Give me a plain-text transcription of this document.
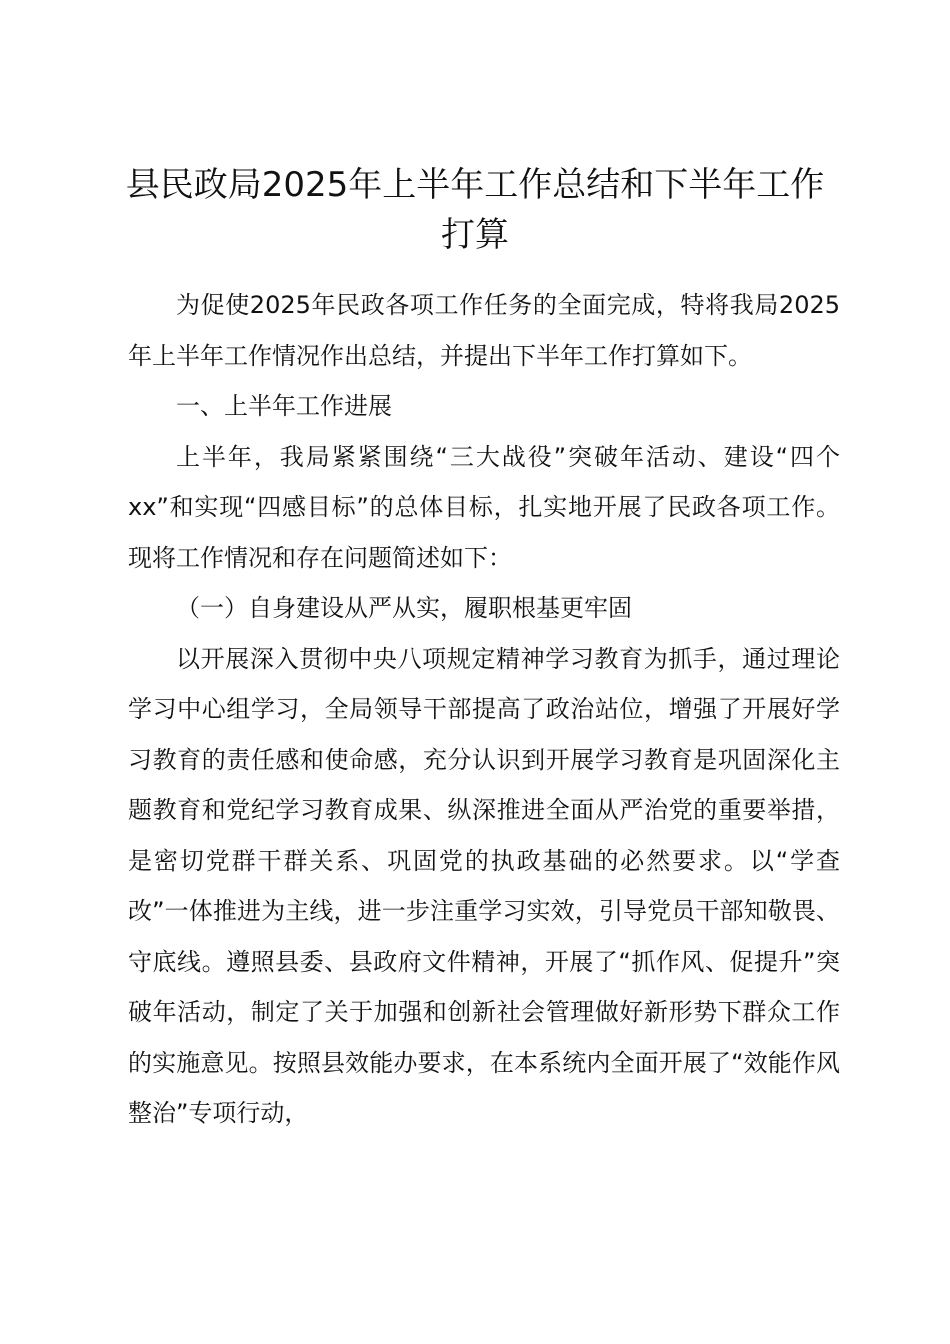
县民政局2025年上半年工作总结和下半年工作打算

为促使2025年民政各项工作任务的全面完成，特将我局2025年上半年工作情况作出总结，并提出下半年工作打算如下。

一、上半年工作进展

上半年，我局紧紧围绕“三大战役”突破年活动、建设“四个xx”和实现“四感目标”的总体目标，扎实地开展了民政各项工作。现将工作情况和存在问题简述如下：

（一）自身建设从严从实，履职根基更牢固

以开展深入贯彻中央八项规定精神学习教育为抓手，通过理论学习中心组学习，全局领导干部提高了政治站位，增强了开展好学习教育的责任感和使命感，充分认识到开展学习教育是巩固深化主题教育和党纪学习教育成果、纵深推进全面从严治党的重要举措，是密切党群干群关系、巩固党的执政基础的必然要求。以“学查改”一体推进为主线，进一步注重学习实效，引导党员干部知敬畏、守底线。遵照县委、县政府文件精神，开展了“抓作风、促提升”突破年活动，制定了关于加强和创新社会管理做好新形势下群众工作的实施意见。按照县效能办要求，在本系统内全面开展了“效能作风整治”专项行动，
